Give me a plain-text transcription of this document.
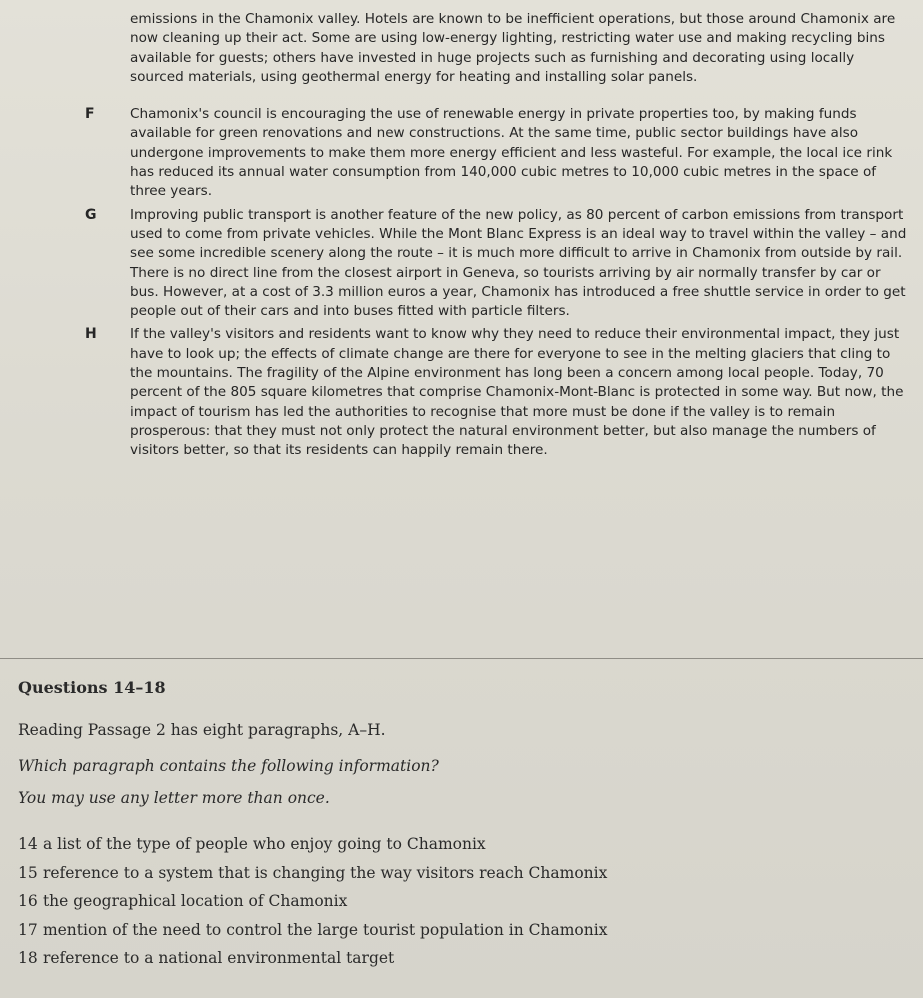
emissions in the Chamonix valley. Hotels are known to be inefficient operations, but those around Chamonix are now cleaning up their act. Some are using low-energy lighting, restricting water use and making recycling bins available for guests; others have invested in huge projects such as furnishing and decorating using locally sourced materials, using geothermal energy for heating and installing solar panels.

F	Chamonix's council is encouraging the use of renewable energy in private properties too, by making funds available for green renovations and new constructions. At the same time, public sector buildings have also undergone improvements to make them more energy efficient and less wasteful. For example, the local ice rink has reduced its annual water consumption from 140,000 cubic metres to 10,000 cubic metres in the space of three years.
G Improving public transport is another feature of the new policy, as 80 percent of carbon emissions from transport used to come from private vehicles. While the Mont Blanc Express is an ideal way to travel within the valley – and see some incredible scenery along the route – it is much more difficult to arrive in Chamonix from outside by rail. There is no direct line from the closest airport in Geneva, so tourists arriving by air normally transfer by car or bus. However, at a cost of 3.3 million euros a year, Chamonix has introduced a free shuttle service in order to get people out of their cars and into buses fitted with particle filters.
H If the valley's visitors and residents want to know why they need to reduce their environmental impact, they just have to look up; the effects of climate change are there for everyone to see in the melting glaciers that cling to the mountains. The fragility of the Alpine environment has long been a concern among local people. Today, 70 percent of the 805 square kilometres that comprise Chamonix-Mont-Blanc is protected in some way. But now, the impact of tourism has led the authorities to recognise that more must be done if the valley is to remain prosperous: that they must not only protect the natural environment better, but also manage the numbers of visitors better, so that its residents can happily remain there.
Questions 14–18
Reading Passage 2 has eight paragraphs, A–H.
Which paragraph contains the following information?
You may use any letter more than once.
14 a list of the type of people who enjoy going to Chamonix
15 reference to a system that is changing the way visitors reach Chamonix
16 the geographical location of Chamonix
17 mention of the need to control the large tourist population in Chamonix
18 reference to a national environmental target
